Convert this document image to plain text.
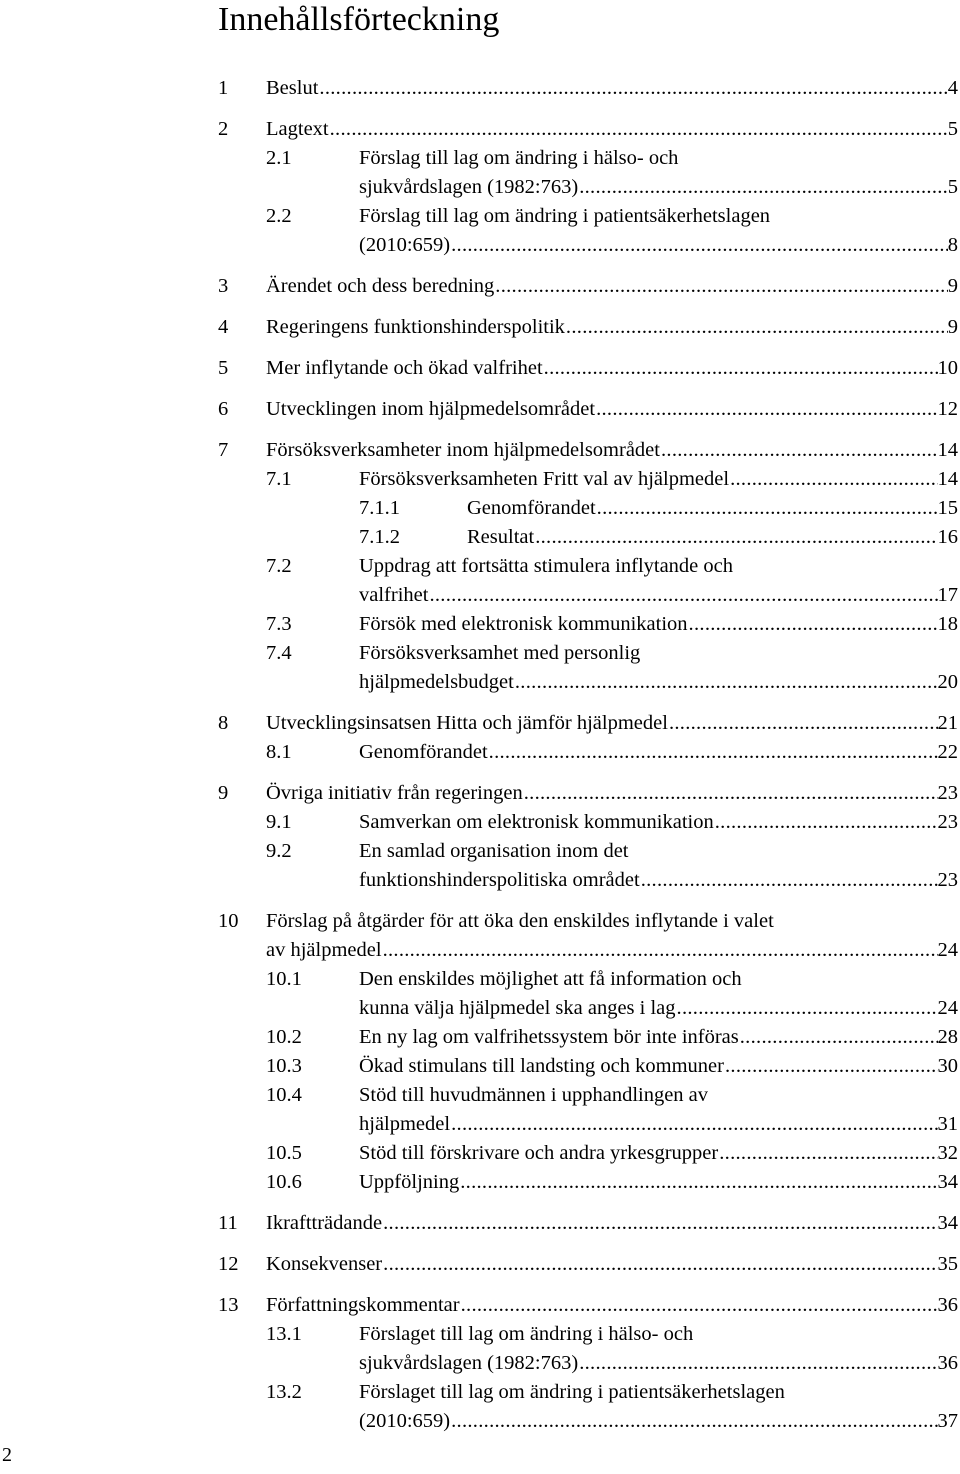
Innehållsförteckning
1 Beslut .....	4
2 Lagtext .....	5
2.1	Förslag till lag om ändring i hälso- och
sjukvårdslagen (1982:763) .....	5
2.2	Förslag till lag om ändring i patientsäkerhetslagen
(2010:659) .....	8
3 Ärendet och dess beredning .....	9
4 Regeringens funktionshinderspolitik .....	9
5 Mer inflytande och ökad valfrihet .....	10
6 Utvecklingen inom hjälpmedelsområdet .....	12
7 Försöksverksamheter inom hjälpmedelsområdet .....	14
7.1	Försöksverksamheten Fritt val av hjälpmedel .....	14
7.1.1	Genomförandet .....	15
7.1.2	Resultat .....	16
7.2	Uppdrag att fortsätta stimulera inflytande och
valfrihet .....	17
7.3	Försök med elektronisk kommunikation .....	18
7.4	Försöksverksamhet med personlig
hjälpmedelsbudget .....	20
8 Utvecklingsinsatsen Hitta och jämför hjälpmedel .....	21
8.1	Genomförandet .....	22
9 Övriga initiativ från regeringen .....	23
9.1	Samverkan om elektronisk kommunikation .....	23
9.2	En samlad organisation inom det
funktionshinderspolitiska området .....	23
10 Förslag på åtgärder för att öka den enskildes inflytande i valet
av hjälpmedel .....	24
10.1	Den enskildes möjlighet att få information och
kunna välja hjälpmedel ska anges i lag .....	24
10.2	En ny lag om valfrihetssystem bör inte införas .....	28
10.3	Ökad stimulans till landsting och kommuner .....	30
10.4	Stöd till huvudmännen i upphandlingen av
hjälpmedel .....	31
10.5	Stöd till förskrivare och andra yrkesgrupper .....	32
10.6	Uppföljning .....	34
11 Ikraftträdande .....	34
12 Konsekvenser .....	35
13 Författningskommentar .....	36
13.1	Förslaget till lag om ändring i hälso- och
sjukvårdslagen (1982:763) .....	36
13.2	Förslaget till lag om ändring i patientsäkerhetslagen
(2010:659) .....	37
2
